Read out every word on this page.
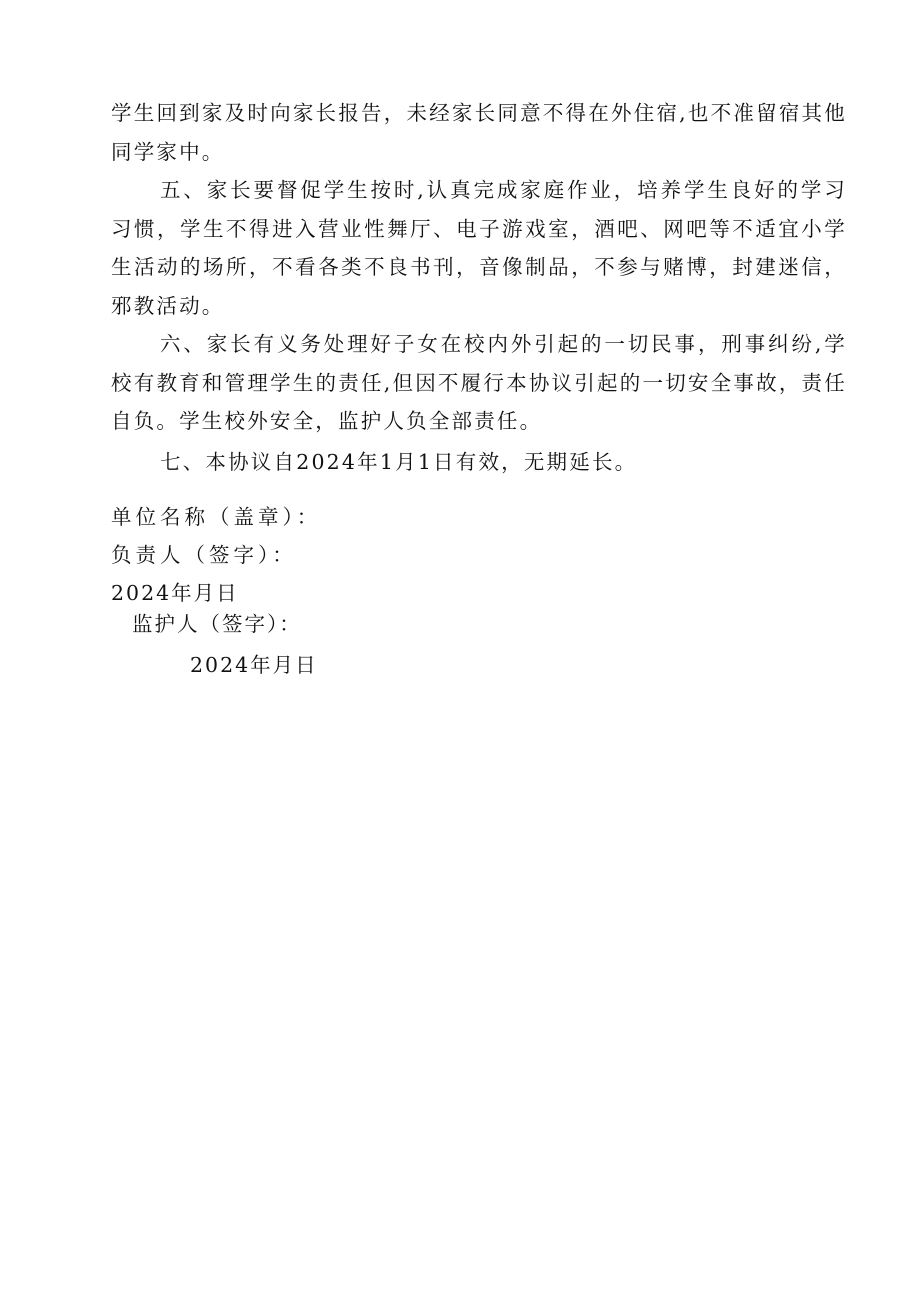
学生回到家及时向家长报告，未经家长同意不得在外住宿,也不准留宿其他同学家中。

五、家长要督促学生按时,认真完成家庭作业，培养学生良好的学习习惯，学生不得进入营业性舞厅、电子游戏室，酒吧、网吧等不适宜小学生活动的场所，不看各类不良书刊，音像制品，不参与赌博，封建迷信，邪教活动。

六、家长有义务处理好子女在校内外引起的一切民事，刑事纠纷,学校有教育和管理学生的责任,但因不履行本协议引起的一切安全事故，责任自负。学生校外安全，监护人负全部责任。

七、本协议自2024年1月1日有效，无期延长。

单位名称（盖章）：

负责人（签字）：

2024年月日

监护人（签字）：

2024年月日
